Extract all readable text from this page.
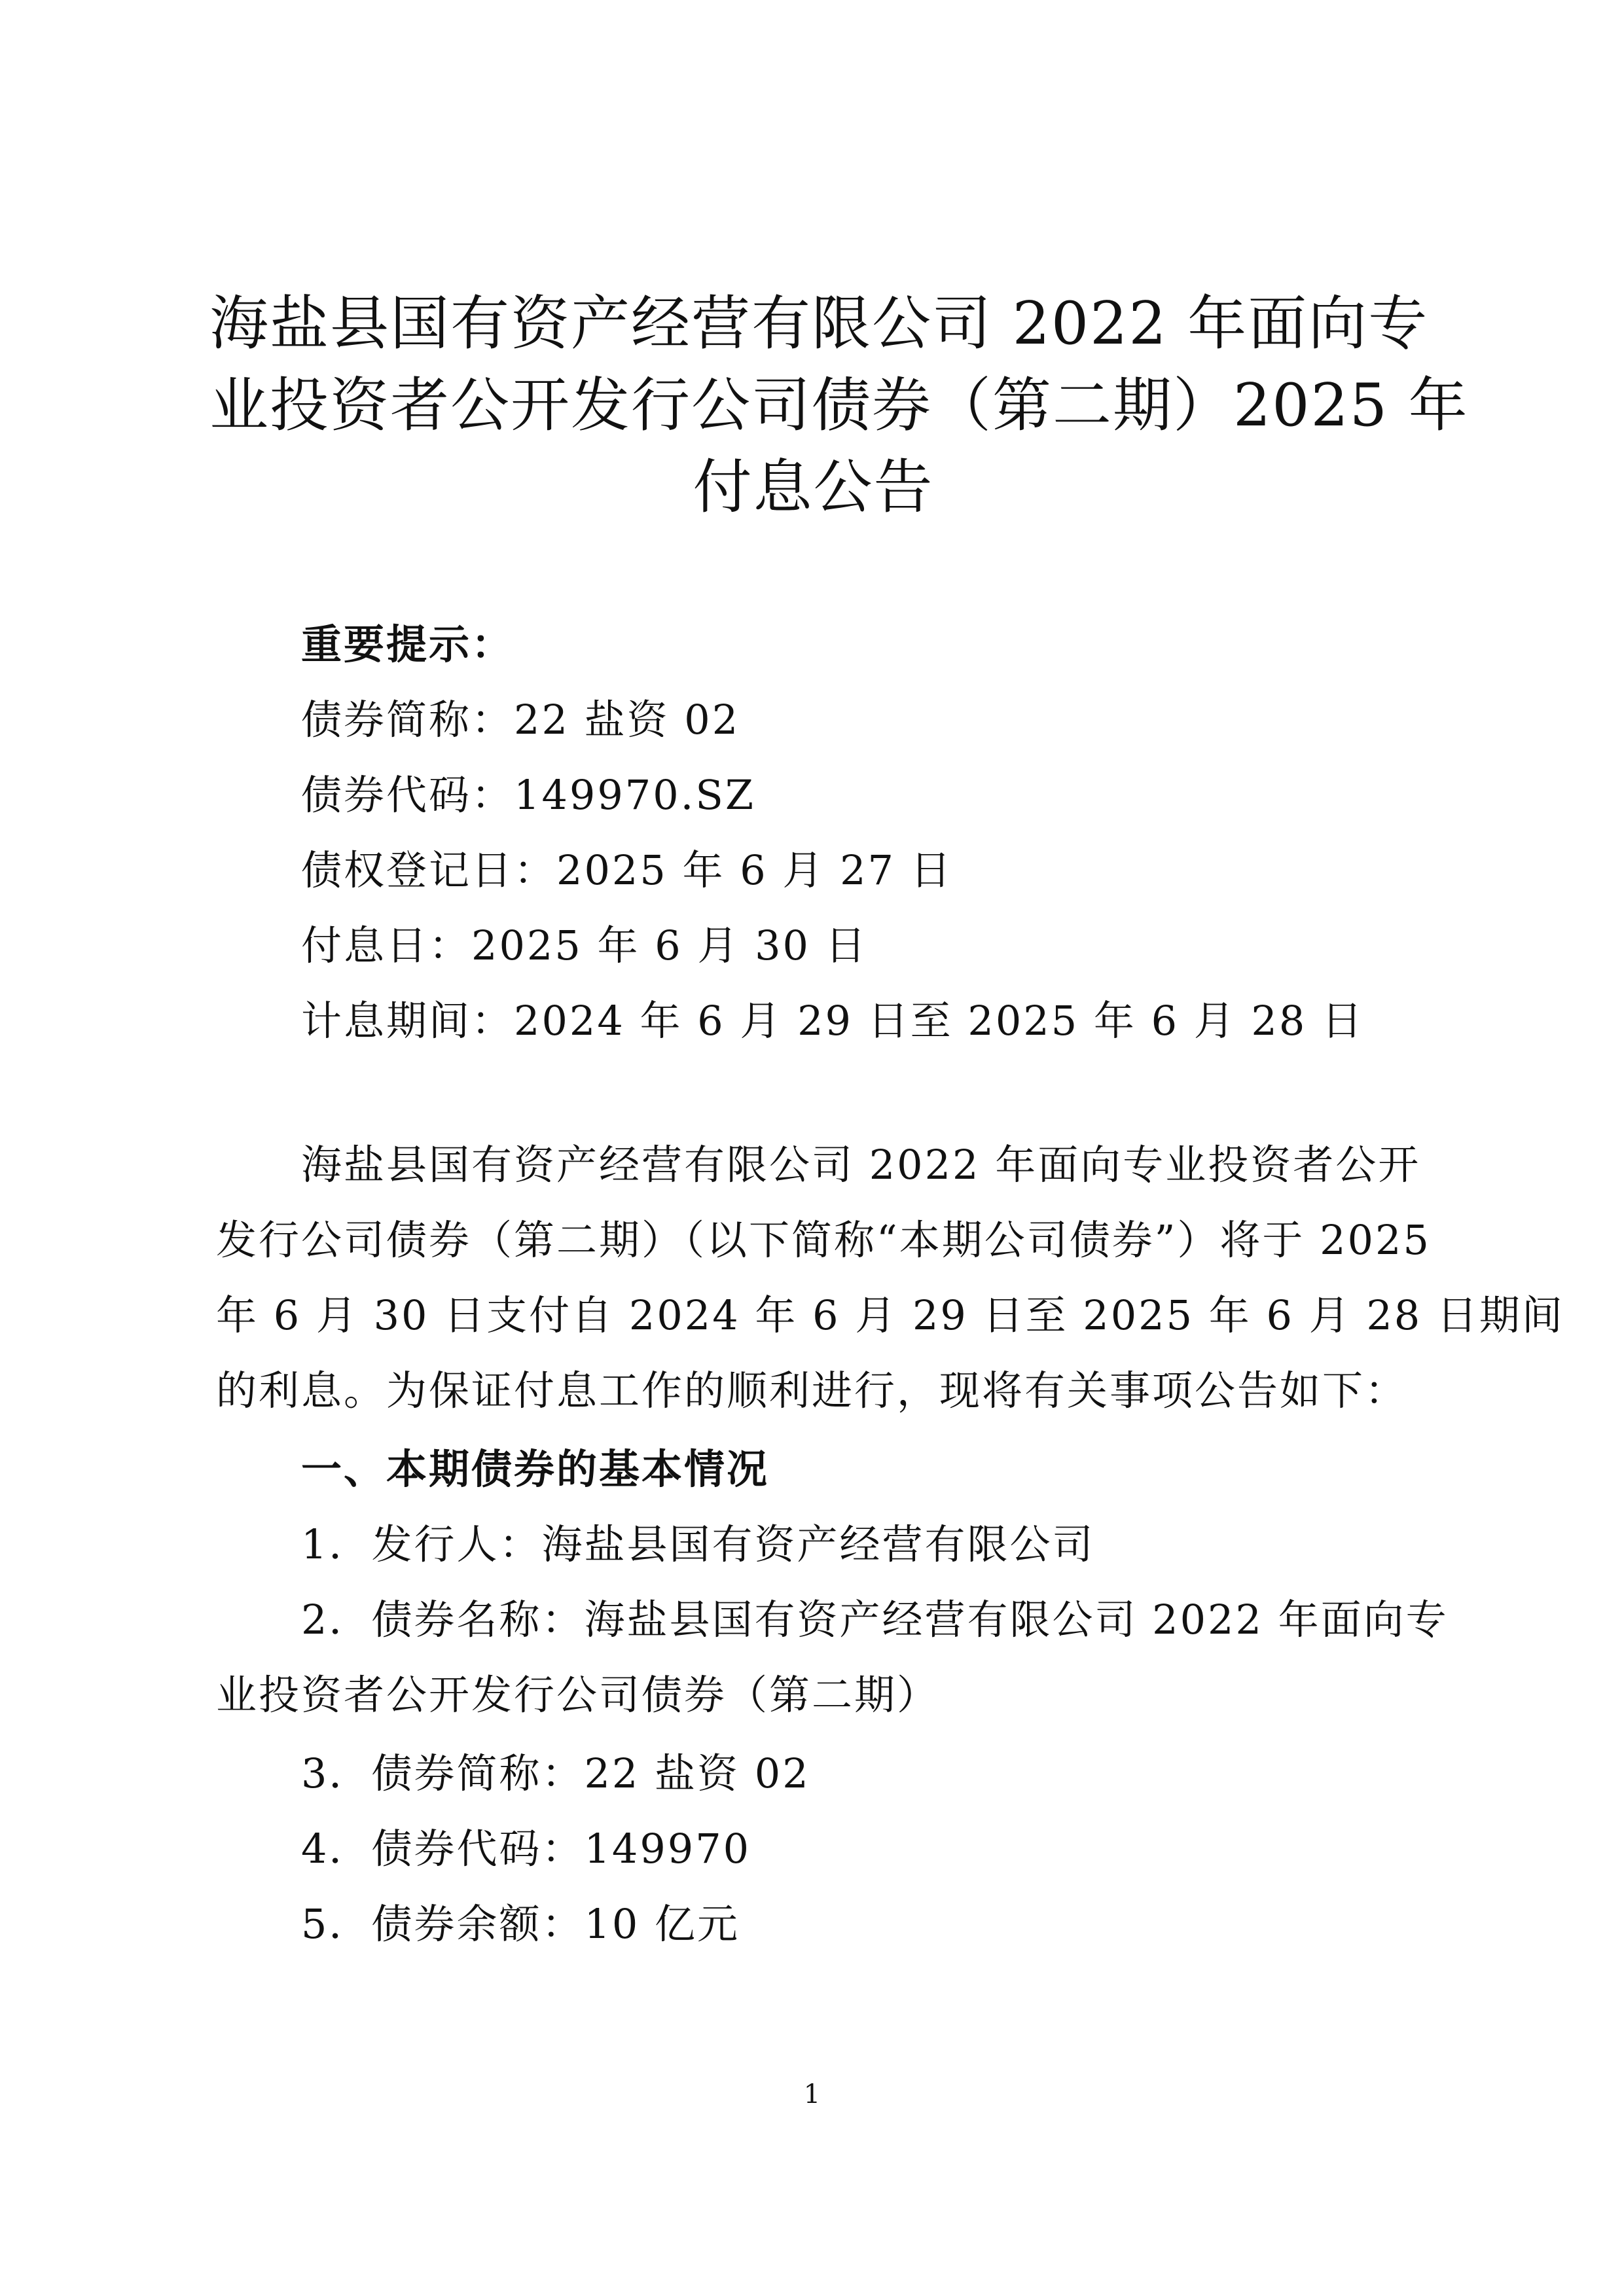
海盐县国有资产经营有限公司 2022 年面向专
业投资者公开发行公司债券（第二期）2025 年
付息公告
重要提示：
债券简称：22 盐资 02
债券代码：149970.SZ
债权登记日：2025 年 6 月 27 日
付息日：2025 年 6 月 30 日
计息期间：2024 年 6 月 29 日至 2025 年 6 月 28 日
海盐县国有资产经营有限公司 2022 年面向专业投资者公开
发行公司债券（第二期）（以下简称“本期公司债券”）将于 2025
年 6 月 30 日支付自 2024 年 6 月 29 日至 2025 年 6 月 28 日期间
的利息。为保证付息工作的顺利进行，现将有关事项公告如下：
一、本期债券的基本情况
1．发行人：海盐县国有资产经营有限公司
2．债券名称：海盐县国有资产经营有限公司 2022 年面向专
业投资者公开发行公司债券（第二期）
3．债券简称：22 盐资 02
4．债券代码：149970
5．债券余额：10 亿元
1
